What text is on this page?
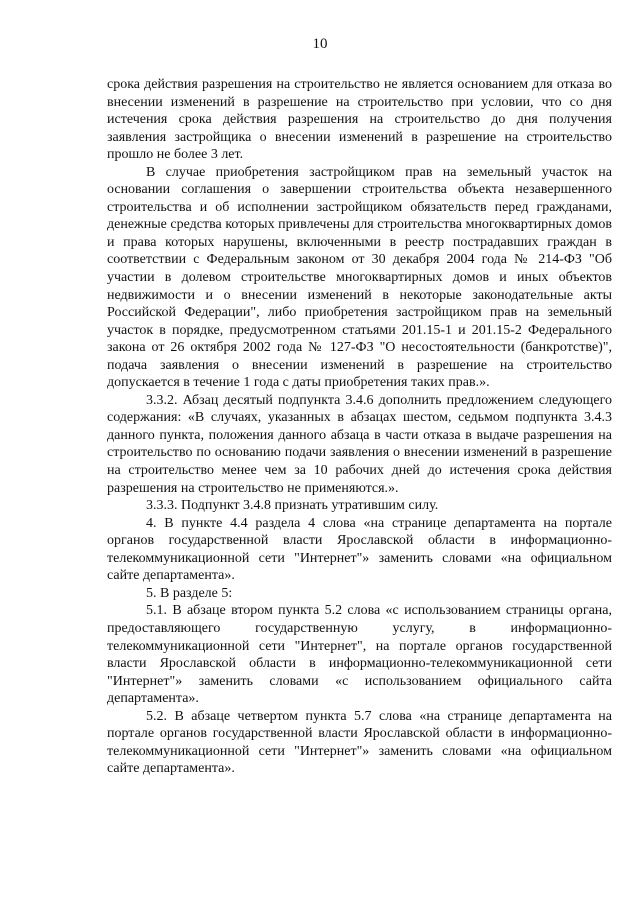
10

срока действия разрешения на строительство не является основанием для отказа во внесении изменений в разрешение на строительство при условии, что со дня истечения срока действия разрешения на строительство до дня получения заявления застройщика о внесении изменений в разрешение на строительство прошло не более 3 лет.

В случае приобретения застройщиком прав на земельный участок на основании соглашения о завершении строительства объекта незавершенного строительства и об исполнении застройщиком обязательств перед гражданами, денежные средства которых привлечены для строительства многоквартирных домов и права которых нарушены, включенными в реестр пострадавших граждан в соответствии с Федеральным законом от 30 декабря 2004 года № 214-ФЗ "Об участии в долевом строительстве многоквартирных домов и иных объектов недвижимости и о внесении изменений в некоторые законодательные акты Российской Федерации", либо приобретения застройщиком прав на земельный участок в порядке, предусмотренном статьями 201.15-1 и 201.15-2 Федерального закона от 26 октября 2002 года № 127-ФЗ "О несостоятельности (банкротстве)", подача заявления о внесении изменений в разрешение на строительство допускается в течение 1 года с даты приобретения таких прав.».

3.3.2. Абзац десятый подпункта 3.4.6 дополнить предложением следующего содержания: «В случаях, указанных в абзацах шестом, седьмом подпункта 3.4.3 данного пункта, положения данного абзаца в части отказа в выдаче разрешения на строительство по основанию подачи заявления о внесении изменений в разрешение на строительство менее чем за 10 рабочих дней до истечения срока действия разрешения на строительство не применяются.».

3.3.3. Подпункт 3.4.8 признать утратившим силу.

4. В пункте 4.4 раздела 4 слова «на странице департамента на портале органов государственной власти Ярославской области в информационно-телекоммуникационной сети "Интернет"» заменить словами «на официальном сайте департамента».

5. В разделе 5:

5.1. В абзаце втором пункта 5.2 слова «с использованием страницы органа, предоставляющего государственную услугу, в информационно-телекоммуникационной сети "Интернет", на портале органов государственной власти Ярославской области в информационно-телекоммуникационной сети "Интернет"» заменить словами «с использованием официального сайта департамента».

5.2. В абзаце четвертом пункта 5.7 слова «на странице департамента на портале органов государственной власти Ярославской области в информационно-телекоммуникационной сети "Интернет"» заменить словами «на официальном сайте департамента».
